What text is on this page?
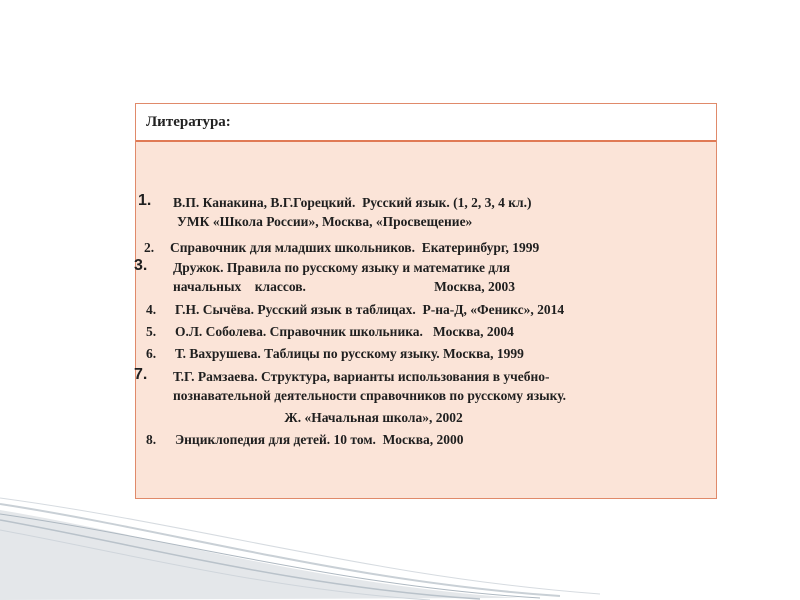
Литература:
1. В.П. Канакина, В.Г.Горецкий.  Русский язык. (1, 2, 3, 4 кл.)
УМК «Школа России», Москва, «Просвещение»
2. Справочник для младших школьников.  Екатеринбург, 1999
3. Дружок. Правила по русскому языку и математике для
начальных    классов.                                      Москва, 2003
4. Г.Н. Сычёва. Русский язык в таблицах.  Р-на-Д, «Феникс», 2014
5. О.Л. Соболева. Справочник школьника.   Москва, 2004
6. Т. Вахрушева. Таблицы по русскому языку. Москва, 1999
7. Т.Г. Рамзаева. Структура, варианты использования в учебно-
познавательной деятельности справочников по русскому языку.
Ж. «Начальная школа», 2002
8. Энциклопедия для детей. 10 том.  Москва, 2000
